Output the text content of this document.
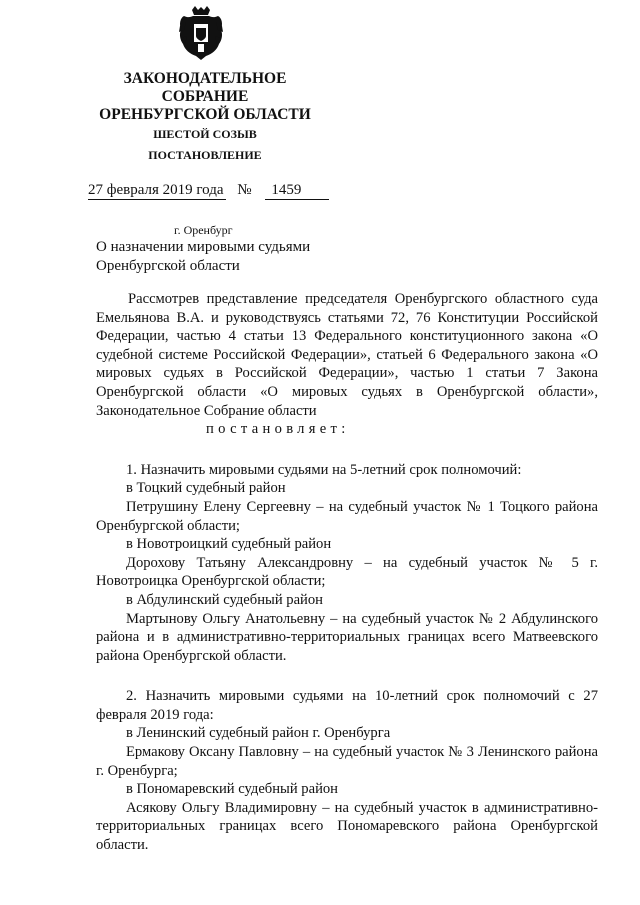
ЗАКОНОДАТЕЛЬНОЕ
СОБРАНИЕ
ОРЕНБУРГСКОЙ ОБЛАСТИ
ШЕСТОЙ СОЗЫВ
ПОСТАНОВЛЕНИЕ
27 февраля 2019 года № 1459
г. Оренбург
О назначении мировыми судьями
Оренбургской области

Рассмотрев представление председателя Оренбургского областного суда Емельянова В.А. и руководствуясь статьями 72, 76 Конституции Российской Федерации, частью 4 статьи 13 Федерального конституционного закона «О судебной системе Российской Федерации», статьей 6 Федерального закона «О мировых судьях в Российской Федерации», частью 1 статьи 7 Закона Оренбургской области «О мировых судьях в Оренбургской области», Законодательное Собрание области

постановляет:

1. Назначить мировыми судьями на 5-летний срок полномочий:

в Тоцкий судебный район

Петрушину Елену Сергеевну – на судебный участок № 1 Тоцкого района Оренбургской области;

в Новотроицкий судебный район

Дорохову Татьяну Александровну – на судебный участок № 5 г. Новотроицка Оренбургской области;

в Абдулинский судебный район

Мартынову Ольгу Анатольевну – на судебный участок № 2 Абдулинского района и в административно-территориальных границах всего Матвеевского района Оренбургской области.

2. Назначить мировыми судьями на 10-летний срок полномочий с 27 февраля 2019 года:

в Ленинский судебный район г. Оренбурга

Ермакову Оксану Павловну – на судебный участок № 3 Ленинского района г. Оренбурга;

в Пономаревский судебный район

Асякову Ольгу Владимировну – на судебный участок в административно-территориальных границах всего Пономаревского района Оренбургской области.
